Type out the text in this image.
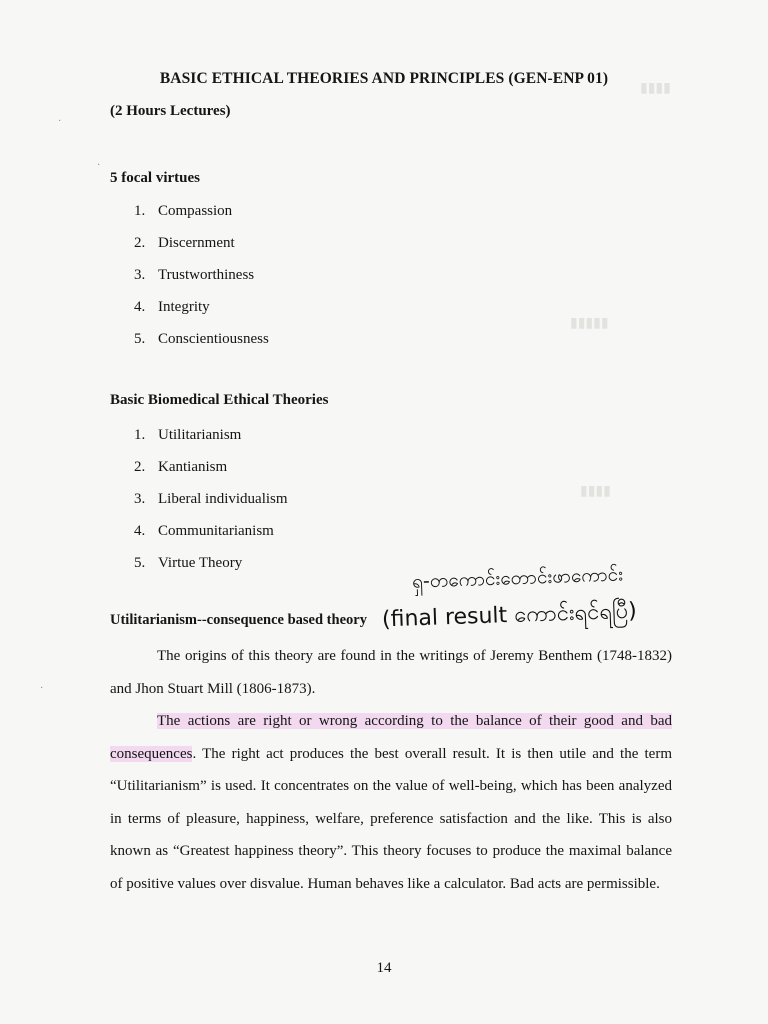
▮▮▮▮
▮▮▮▮▮
▮▮▮▮
·
·
·
BASIC ETHICAL THEORIES AND PRINCIPLES (GEN-ENP 01)
(2 Hours Lectures)
5 focal virtues
1. Compassion
2. Discernment
3. Trustworthiness
4. Integrity
5. Conscientiousness
Basic Biomedical Ethical Theories
1. Utilitarianism
2. Kantianism
3. Liberal individualism
4. Communitarianism
5. Virtue Theory
ရှ-တကောင်းတောင်းဖာကောင်း
Utilitarianism--consequence based theory (final result ကောင်းရင်ရပြီ)

The origins of this theory are found in the writings of Jeremy Benthem (1748-1832) and Jhon Stuart Mill (1806-1873).

The actions are right or wrong according to the balance of their good and bad consequences. The right act produces the best overall result. It is then utile and the term “Utilitarianism” is used. It concentrates on the value of well-being, which has been analyzed in terms of pleasure, happiness, welfare, preference satisfaction and the like. This is also known as “Greatest happiness theory”. This theory focuses to produce the maximal balance of positive values over disvalue. Human behaves like a calculator. Bad acts are permissible.

14
